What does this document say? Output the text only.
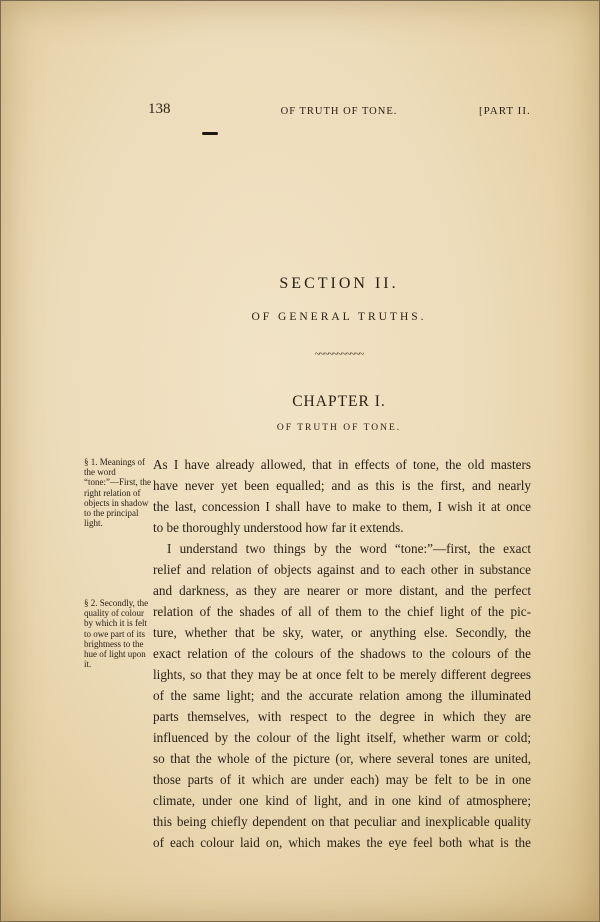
138	OF TRUTH OF TONE.	[PART II.
SECTION II.
OF GENERAL TRUTHS.
~~~~~~~~~~~
CHAPTER I.
OF TRUTH OF TONE.
§ 1. Meanings of the word “tone:”—First, the right relation of objects in shadow to the principal light.
§ 2. Secondly, the quality of colour by which it is felt to owe part of its brightness to the hue of light upon it.
As I have already allowed, that in effects of tone, the old masters
have never yet been equalled; and as this is the first, and nearly
the last, concession I shall have to make to them, I wish it at once
to be thoroughly understood how far it extends.
I understand two things by the word “tone:”—first, the exact
relief and relation of objects against and to each other in substance
and darkness, as they are nearer or more distant, and the perfect
relation of the shades of all of them to the chief light of the pic-
ture, whether that be sky, water, or anything else. Secondly, the
exact relation of the colours of the shadows to the colours of the
lights, so that they may be at once felt to be merely different degrees
of the same light; and the accurate relation among the illuminated
parts themselves, with respect to the degree in which they are
influenced by the colour of the light itself, whether warm or cold;
so that the whole of the picture (or, where several tones are united,
those parts of it which are under each) may be felt to be in one
climate, under one kind of light, and in one kind of atmosphere;
this being chiefly dependent on that peculiar and inexplicable quality
of each colour laid on, which makes the eye feel both what is the
